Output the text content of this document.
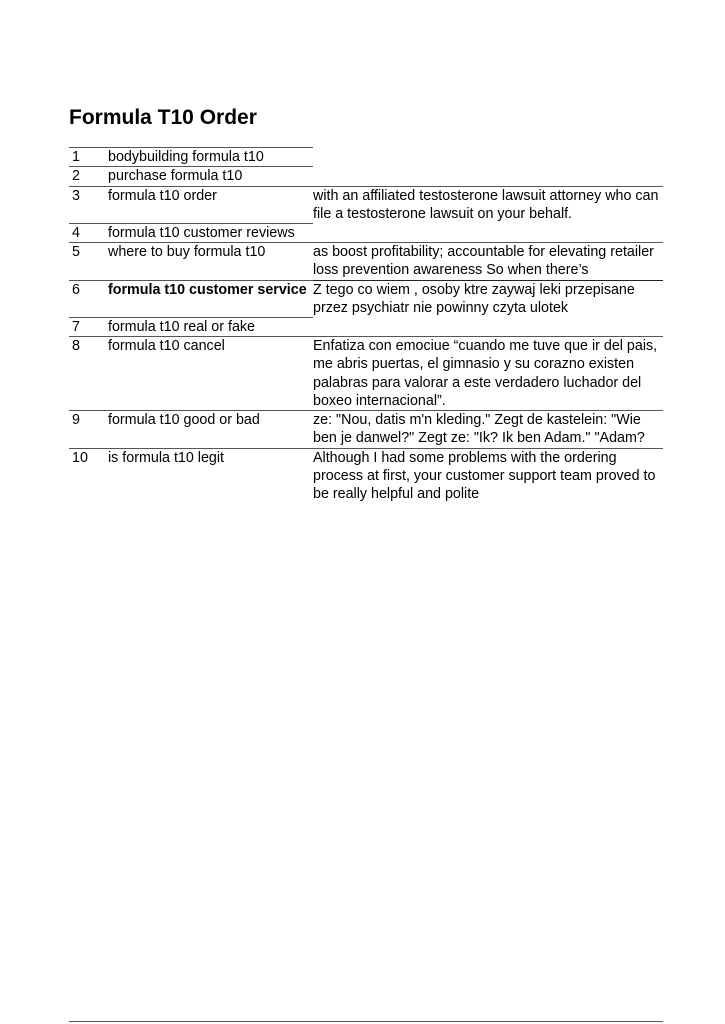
Formula T10 Order
1	bodybuilding formula t10	
2	purchase formula t10	
3	formula t10 order	with an affiliated testosterone lawsuit attorney who can file a testosterone lawsuit on your behalf.
4	formula t10 customer reviews	
5	where to buy formula t10	as boost profitability; accountable for elevating retailer loss prevention awareness So when there’s
6	formula t10 customer service	Z tego co wiem , osoby ktre zaywaj leki przepisane przez psychiatr nie powinny czyta ulotek
7	formula t10 real or fake	
8	formula t10 cancel	Enfatiza con emociue “cuando me tuve que ir del pais, me abris puertas, el gimnasio y su corazno existen palabras para valorar a este verdadero luchador del boxeo internacional”.
9	formula t10 good or bad	ze: "Nou, datis m'n kleding." Zegt de kastelein: "Wie ben je danwel?" Zegt ze: "Ik? Ik ben Adam." "Adam?
10	is formula t10 legit	Although I had some problems with the ordering process at first, your customer support team proved to be really helpful and polite
